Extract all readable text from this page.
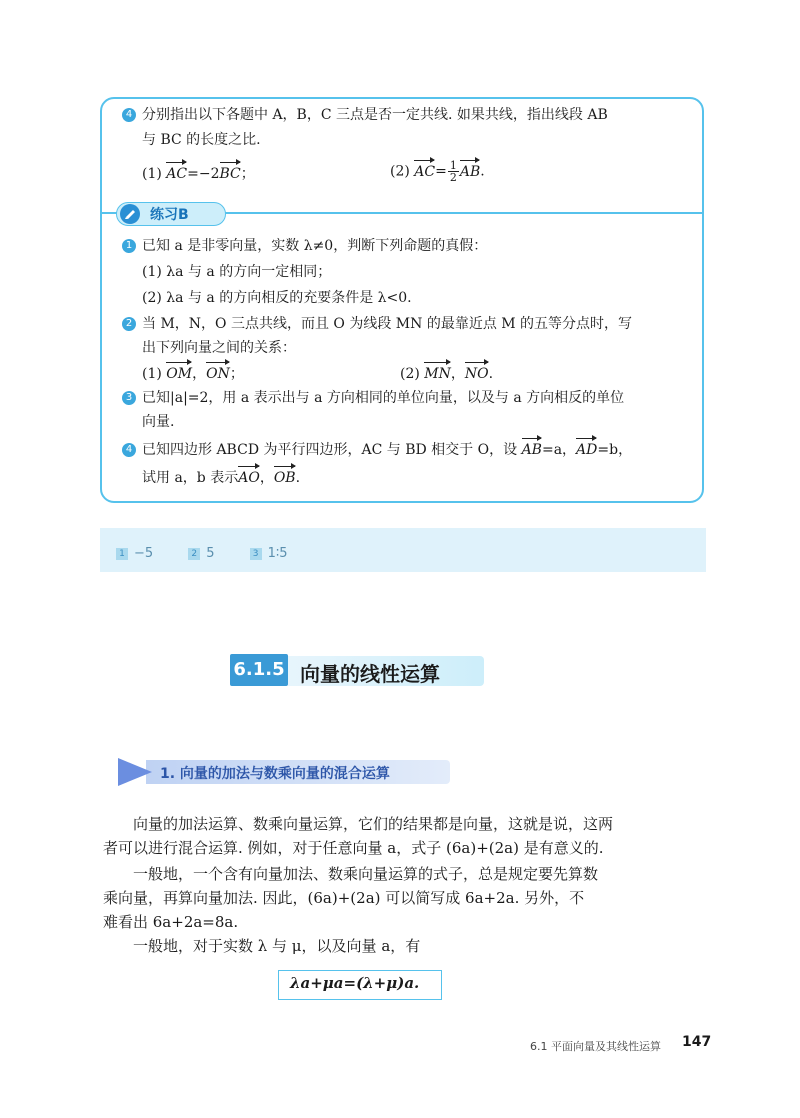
4 分别指出以下各题中 A，B，C 三点是否一定共线. 如果共线，指出线段 AB
与 BC 的长度之比.
(1) AC=−2BC；	(2) $AC= \frac{1}{2}$ AB.
练习B
1 已知 a 是非零向量，实数 λ≠0，判断下列命题的真假：
(1) λa 与 a 的方向一定相同；
(2) λa 与 a 的方向相反的充要条件是 λ<0.
2 当 M，N，O 三点共线，而且 O 为线段 MN 的最靠近点 M 的五等分点时，写
出下列向量之间的关系：
(1) OM，ON；	(2) MN，NO.
3 已知|a|=2，用 a 表示出与 a 方向相同的单位向量，以及与 a 方向相反的单位
向量.
4 已知四边形 ABCD 为平行四边形，AC 与 BD 相交于 O，设 AB=a，AD=b，
试用 a，b 表示AO，OB.
1 −5	2 5	3 1∶5
6.1.5 向量的线性运算
1. 向量的加法与数乘向量的混合运算
向量的加法运算、数乘向量运算，它们的结果都是向量，这就是说，这两
者可以进行混合运算. 例如，对于任意向量 a，式子 (6a)+(2a) 是有意义的.
一般地，一个含有向量加法、数乘向量运算的式子，总是规定要先算数
乘向量，再算向量加法. 因此，(6a)+(2a) 可以简写成 6a+2a. 另外，不
难看出 6a+2a=8a.
一般地，对于实数 λ 与 μ，以及向量 a，有
λa+μa=(λ+μ)a.
6.1 平面向量及其线性运算 147
